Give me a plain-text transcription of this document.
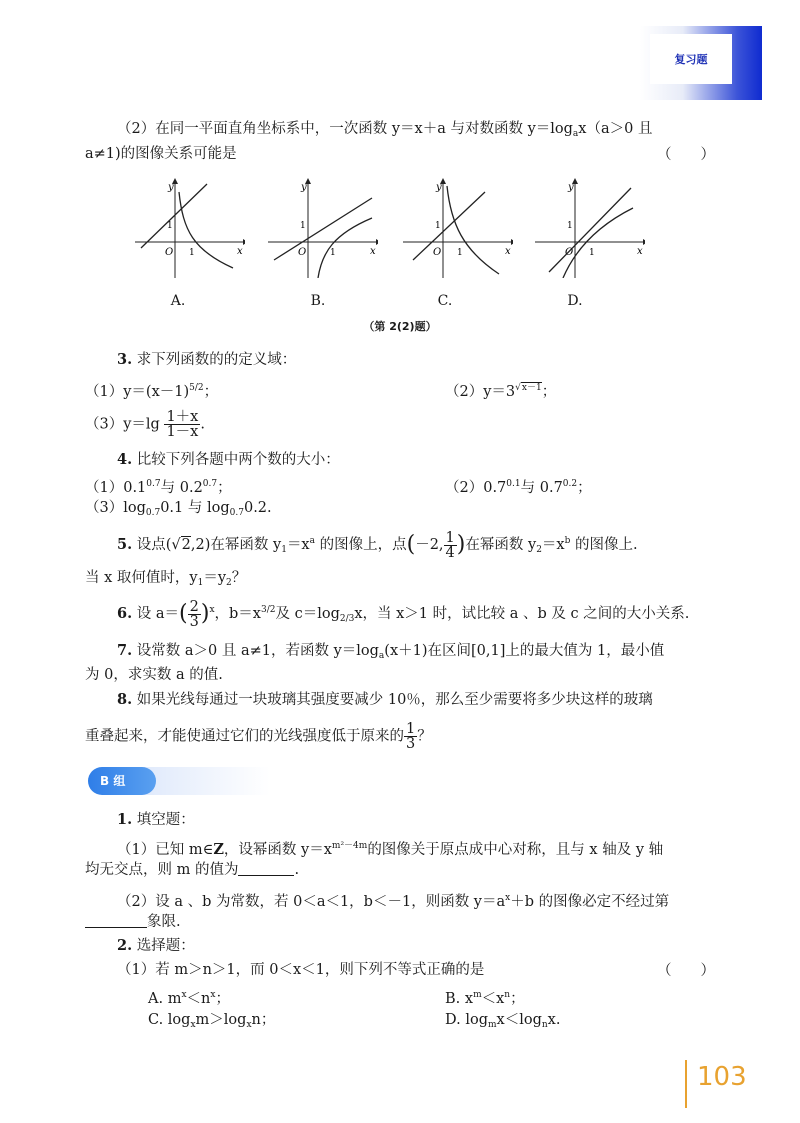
复习题
（2）在同一平面直角坐标系中，一次函数 y＝x＋a 与对数函数 $y=\log_ax(a>0$ 且
a≠1)的图像关系可能是	（　　）
y
x
O
1
1
A.
y
x
O
1
1
B.
y
x
O
1
1
C.
y
x
O
1
1
D.
（第 2(2)题）
3. 求下列函数的的定义域：
$(1)y=(x-1)^{5/2}$；	$(2)y=3^{√x-1}$；
$(3)y=\lg \frac{1+x}{1-x}$ .
4. 比较下列各题中两个数的大小：
$(1)0.1^{0.7}$与 $0.2^{0.7}$；	$(2)0.7^{0.1}$与 $0.7^{0.2}$；
$(3)\log_{0.7}0.1$ 与 $\log_{0.7}0.2$.
5. 设点(√2,2)在幂函数 $y_1=x^a$ 的图像上，点(－2, $\frac{1}{4}$ )在幂函数 $y_2=x^b$ 的图像上.
当 x 取何值时，$y_1=y_2$？
6. 设 $a=( \frac{2}{3} )^x$，$b=x^{3/2}$及 $c=\log_{2/3}x$，当 x＞1 时，试比较 a 、b 及 c 之间的大小关系.
7. 设常数 a＞0 且 a≠1，若函数 $y=\log_a(x+1)$在区间[0,1]上的最大值为 1，最小值
为 0，求实数 a 的值.
8. 如果光线每通过一块玻璃其强度要减少 10％，那么至少需要将多少块这样的玻璃
重叠起来，才能使通过它们的光线强度低于原来的 $\frac{1}{3}$ ？
B 组
1. 填空题：
（1）已知 m∈Z，设幂函数 $y=x^{m^2-4m}$的图像关于原点成中心对称，且与 x 轴及 y 轴
均无交点，则 m 的值为	.
（2）设 a 、b 为常数，若 0＜a＜1，b＜－1，则函数 $y=a^x+b$ 的图像必定不经过第
象限.
2. 选择题：
（1）若 m＞n＞1，而 0＜x＜1，则下列不等式正确的是	（　　）
A. $m^x<n^x$；	B. $x^m<x^n$；
C. $\log_xm>\log_xn$；	D. $\log_mx<\log_nx$.
103
